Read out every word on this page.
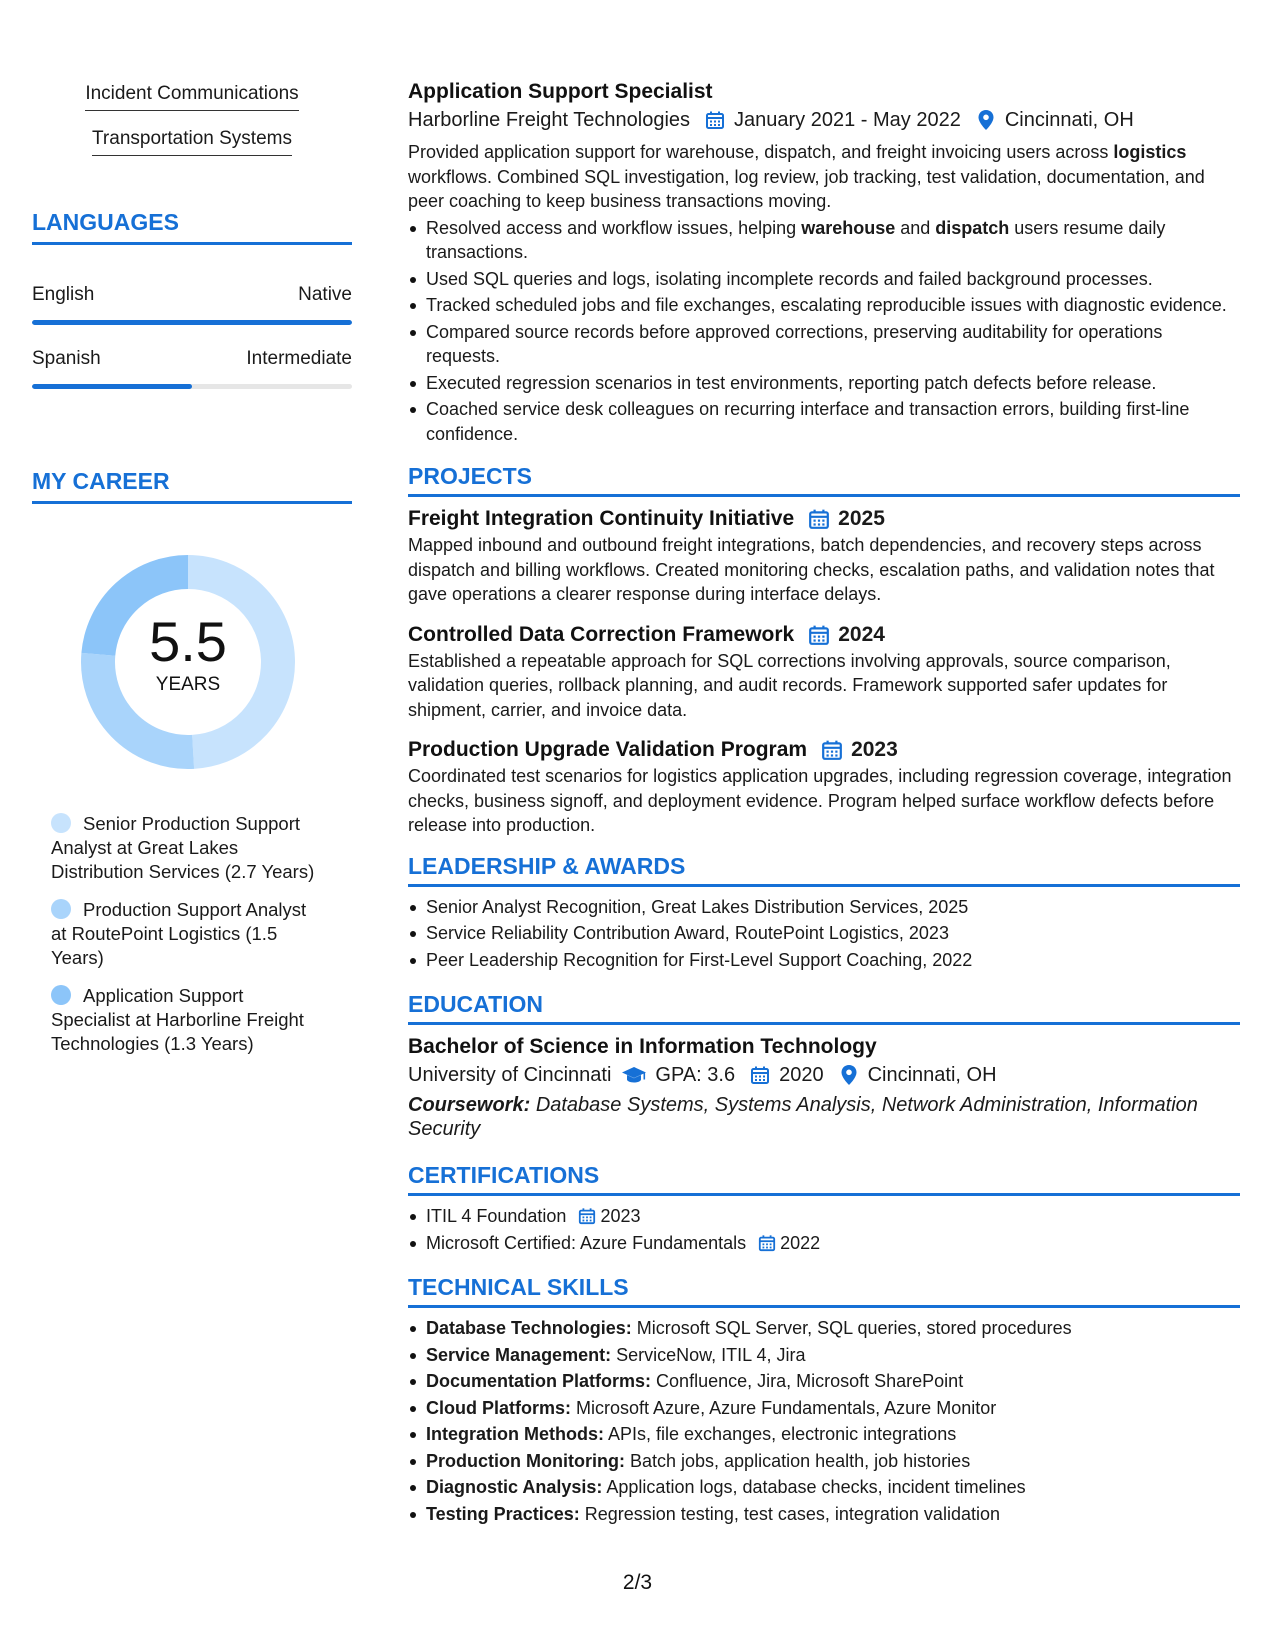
Incident Communications
Transportation Systems
LANGUAGES
English	Native
Spanish	Intermediate
MY CAREER
5.5
YEARS
Senior Production Support Analyst at Great Lakes Distribution Services (2.7 Years)
Production Support Analyst at RoutePoint Logistics (1.5 Years)
Application Support Specialist at Harborline Freight Technologies (1.3 Years)
Application Support Specialist
Harborline Freight Technologies January 2021 - May 2022 Cincinnati, OH

Provided application support for warehouse, dispatch, and freight invoicing users across logistics workflows. Combined SQL investigation, log review, job tracking, test validation, documentation, and peer coaching to keep business transactions moving.

Resolved access and workflow issues, helping warehouse and dispatch users resume daily transactions.
Used SQL queries and logs, isolating incomplete records and failed background processes.
Tracked scheduled jobs and file exchanges, escalating reproducible issues with diagnostic evidence.
Compared source records before approved corrections, preserving auditability for operations requests.
Executed regression scenarios in test environments, reporting patch defects before release.
Coached service desk colleagues on recurring interface and transaction errors, building first-line confidence.
PROJECTS
Freight Integration Continuity Initiative 2025

Mapped inbound and outbound freight integrations, batch dependencies, and recovery steps across dispatch and billing workflows. Created monitoring checks, escalation paths, and validation notes that gave operations a clearer response during interface delays.

Controlled Data Correction Framework 2024

Established a repeatable approach for SQL corrections involving approvals, source comparison, validation queries, rollback planning, and audit records. Framework supported safer updates for shipment, carrier, and invoice data.

Production Upgrade Validation Program 2023

Coordinated test scenarios for logistics application upgrades, including regression coverage, integration checks, business signoff, and deployment evidence. Program helped surface workflow defects before release into production.

LEADERSHIP & AWARDS
Senior Analyst Recognition, Great Lakes Distribution Services, 2025
Service Reliability Contribution Award, RoutePoint Logistics, 2023
Peer Leadership Recognition for First-Level Support Coaching, 2022
EDUCATION
Bachelor of Science in Information Technology
University of Cincinnati GPA: 3.6 2020 Cincinnati, OH
Coursework: Database Systems, Systems Analysis, Network Administration, Information Security
CERTIFICATIONS
ITIL 4 Foundation 2023
Microsoft Certified: Azure Fundamentals 2022
TECHNICAL SKILLS
Database Technologies: Microsoft SQL Server, SQL queries, stored procedures
Service Management: ServiceNow, ITIL 4, Jira
Documentation Platforms: Confluence, Jira, Microsoft SharePoint
Cloud Platforms: Microsoft Azure, Azure Fundamentals, Azure Monitor
Integration Methods: APIs, file exchanges, electronic integrations
Production Monitoring: Batch jobs, application health, job histories
Diagnostic Analysis: Application logs, database checks, incident timelines
Testing Practices: Regression testing, test cases, integration validation
2/3
